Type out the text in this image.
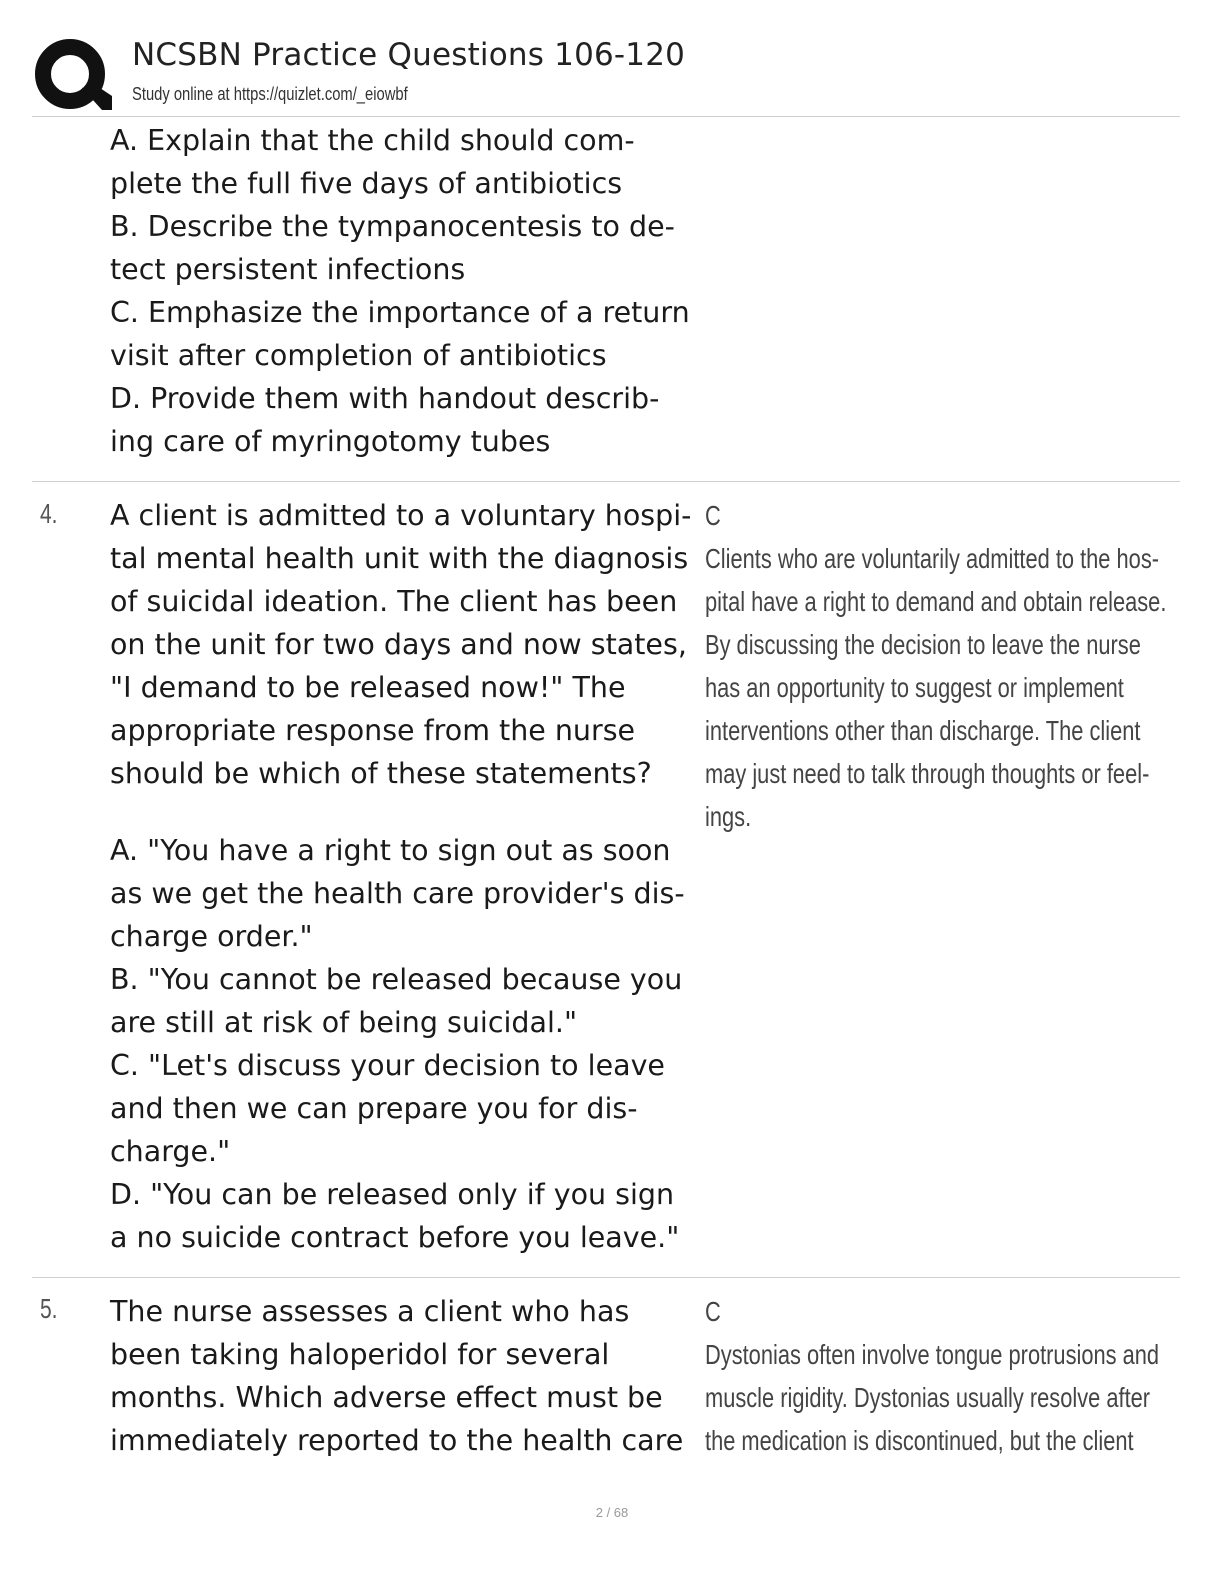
NCSBN Practice Questions 106-120
Study online at https://quizlet.com/_eiowbf
A. Explain that the child should com-
plete the full five days of antibiotics
B. Describe the tympanocentesis to de-
tect persistent infections
C. Emphasize the importance of a return
visit after completion of antibiotics
D. Provide them with handout describ-
ing care of myringotomy tubes
4. A client is admitted to a voluntary hospi-
tal mental health unit with the diagnosis
of suicidal ideation. The client has been
on the unit for two days and now states,
"I demand to be released now!" The
appropriate response from the nurse
should be which of these statements?
A. "You have a right to sign out as soon
as we get the health care provider's dis-
charge order."
B. "You cannot be released because you
are still at risk of being suicidal."
C. "Let's discuss your decision to leave
and then we can prepare you for dis-
charge."
D. "You can be released only if you sign
a no suicide contract before you leave."
C
Clients who are voluntarily admitted to the hos-
pital have a right to demand and obtain release.
By discussing the decision to leave the nurse
has an opportunity to suggest or implement
interventions other than discharge. The client
may just need to talk through thoughts or feel-
ings.
5. The nurse assesses a client who has
been taking haloperidol for several
months. Which adverse effect must be
immediately reported to the health care
C
Dystonias often involve tongue protrusions and
muscle rigidity. Dystonias usually resolve after
the medication is discontinued, but the client
2 / 68
